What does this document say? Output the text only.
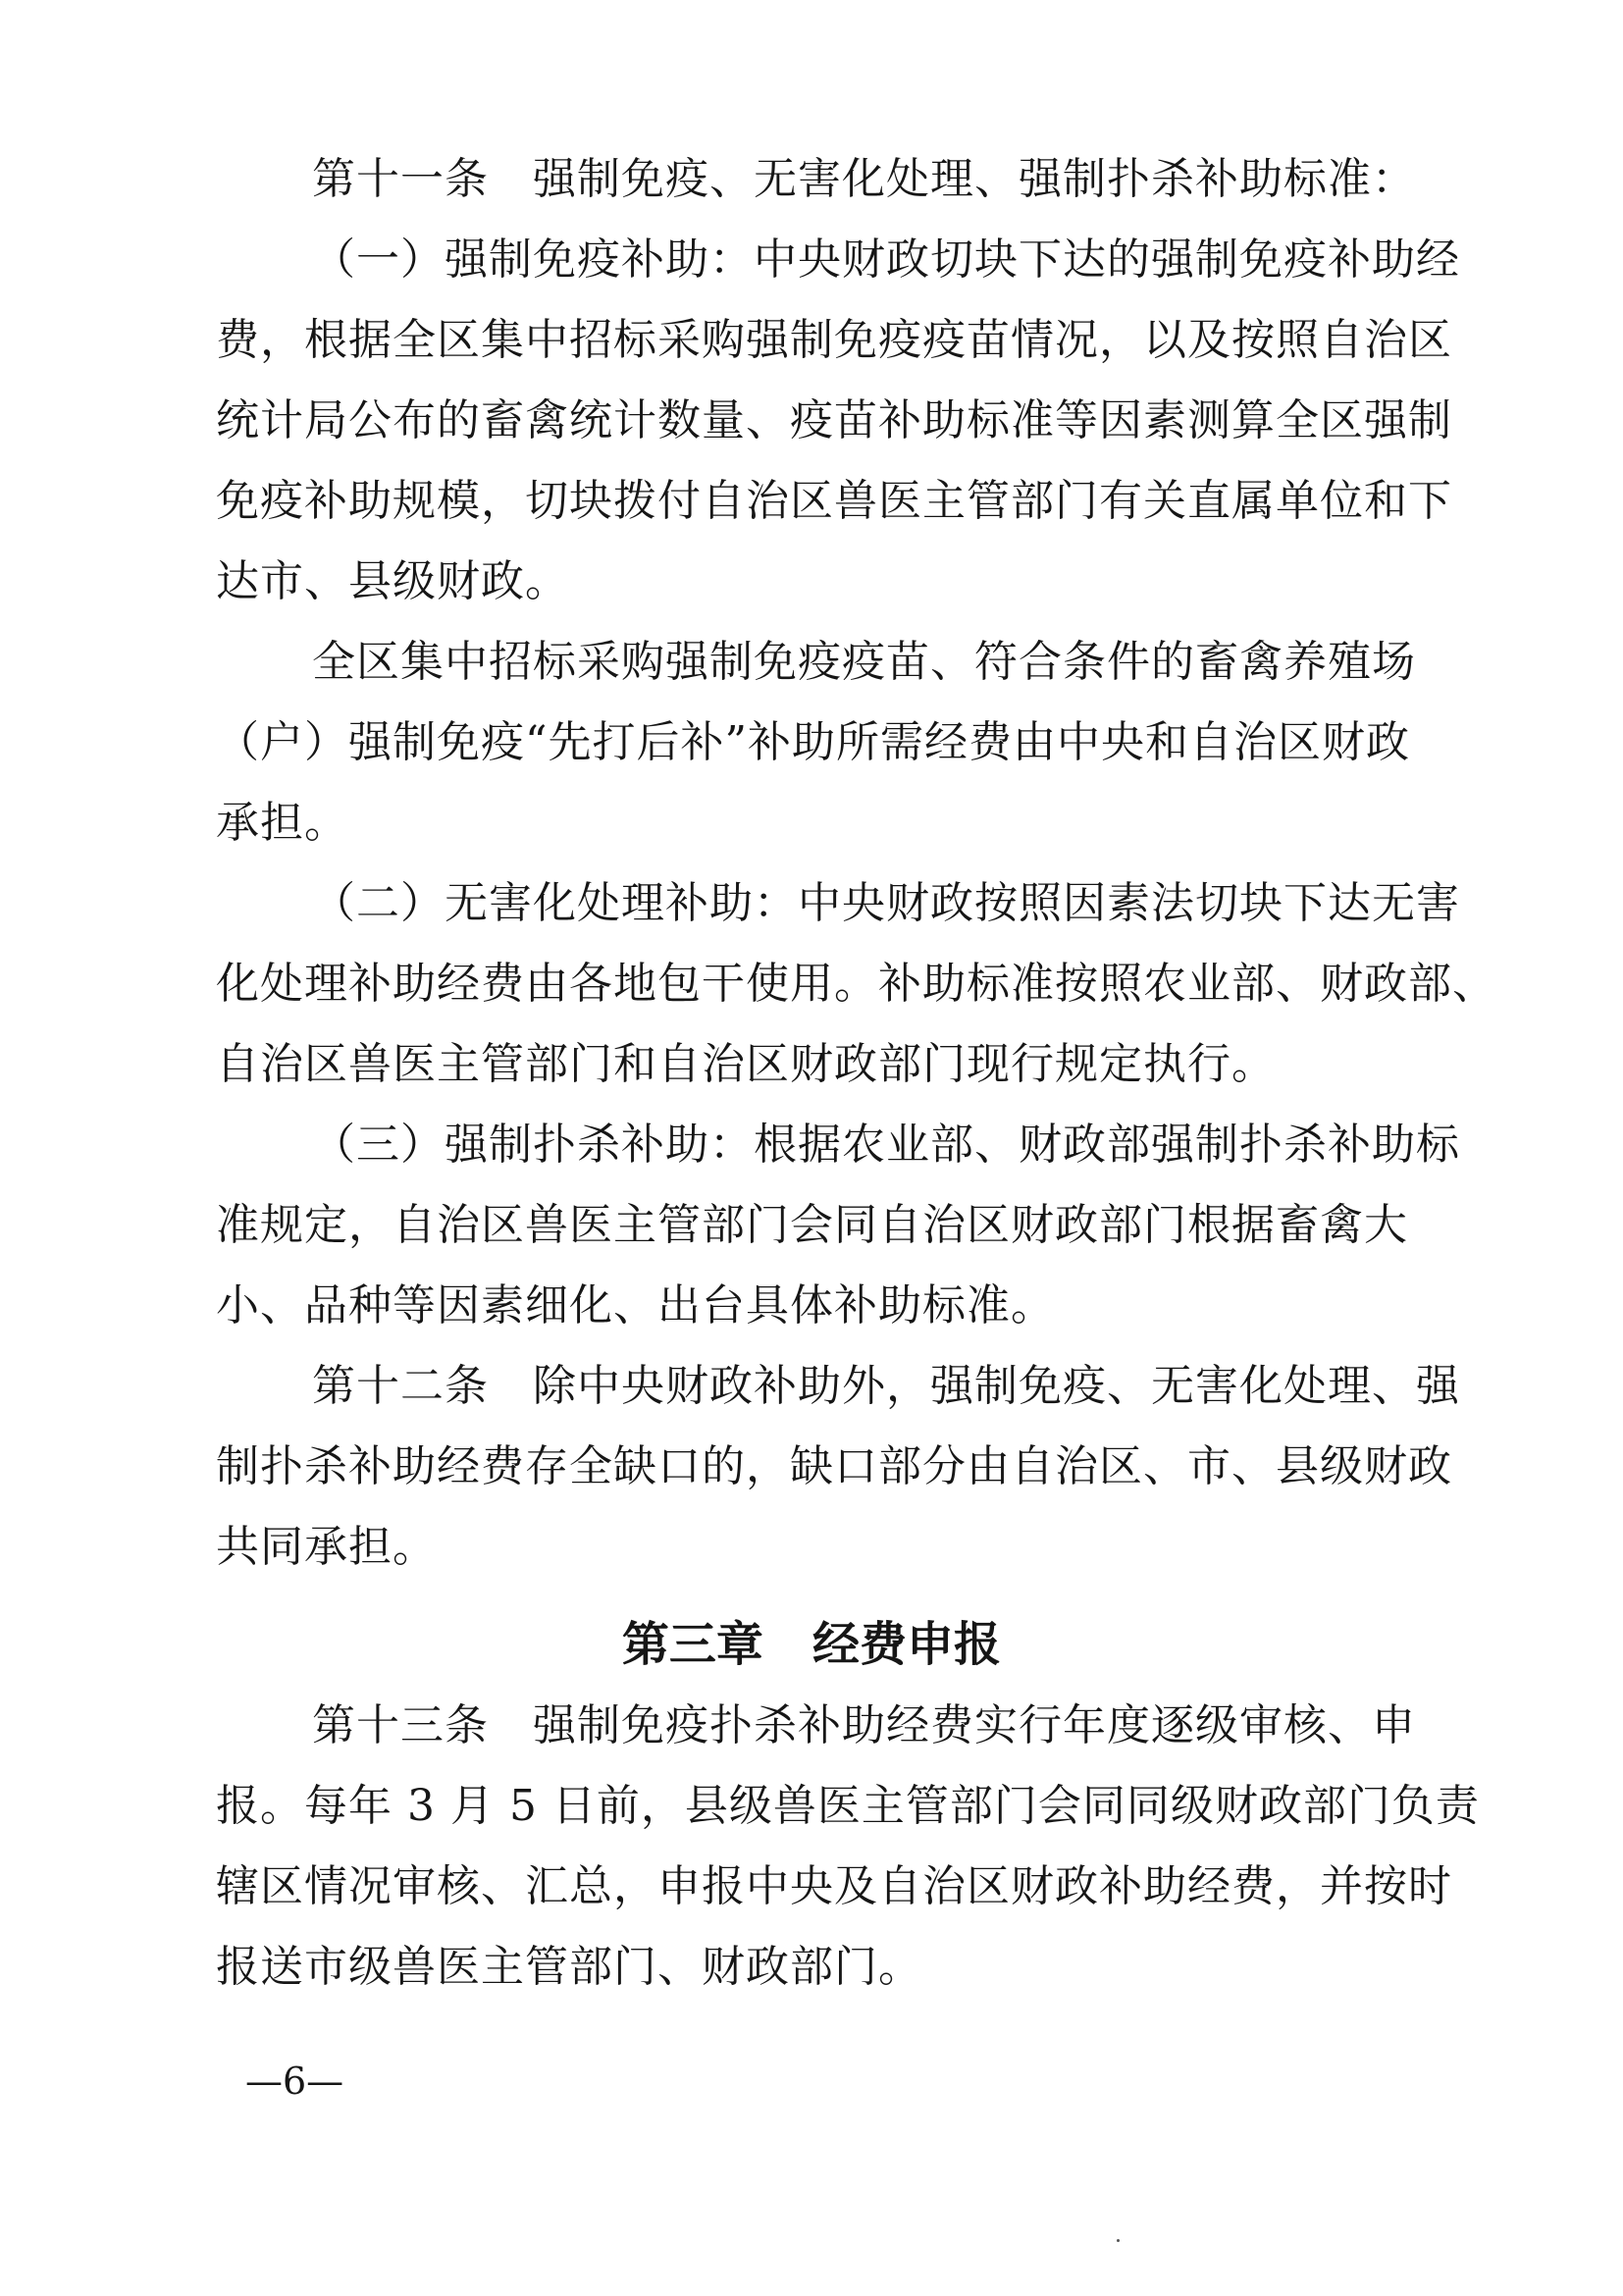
第十一条   强制免疫、无害化处理、强制扑杀补助标准：
（一）强制免疫补助：中央财政切块下达的强制免疫补助经
费，根据全区集中招标采购强制免疫疫苗情况，以及按照自治区
统计局公布的畜禽统计数量、疫苗补助标准等因素测算全区强制
免疫补助规模，切块拨付自治区兽医主管部门有关直属单位和下
达市、县级财政。
全区集中招标采购强制免疫疫苗、符合条件的畜禽养殖场
（户）强制免疫“先打后补”补助所需经费由中央和自治区财政
承担。
（二）无害化处理补助：中央财政按照因素法切块下达无害
化处理补助经费由各地包干使用。补助标准按照农业部、财政部、
自治区兽医主管部门和自治区财政部门现行规定执行。
（三）强制扑杀补助：根据农业部、财政部强制扑杀补助标
准规定，自治区兽医主管部门会同自治区财政部门根据畜禽大
小、品种等因素细化、出台具体补助标准。
第十二条   除中央财政补助外，强制免疫、无害化处理、强
制扑杀补助经费存全缺口的，缺口部分由自治区、市、县级财政
共同承担。
第三章   经费申报
第十三条   强制免疫扑杀补助经费实行年度逐级审核、申
报。每年 3 月 5 日前，县级兽医主管部门会同同级财政部门负责
辖区情况审核、汇总，申报中央及自治区财政补助经费，并按时
报送市级兽医主管部门、财政部门。
—6—
